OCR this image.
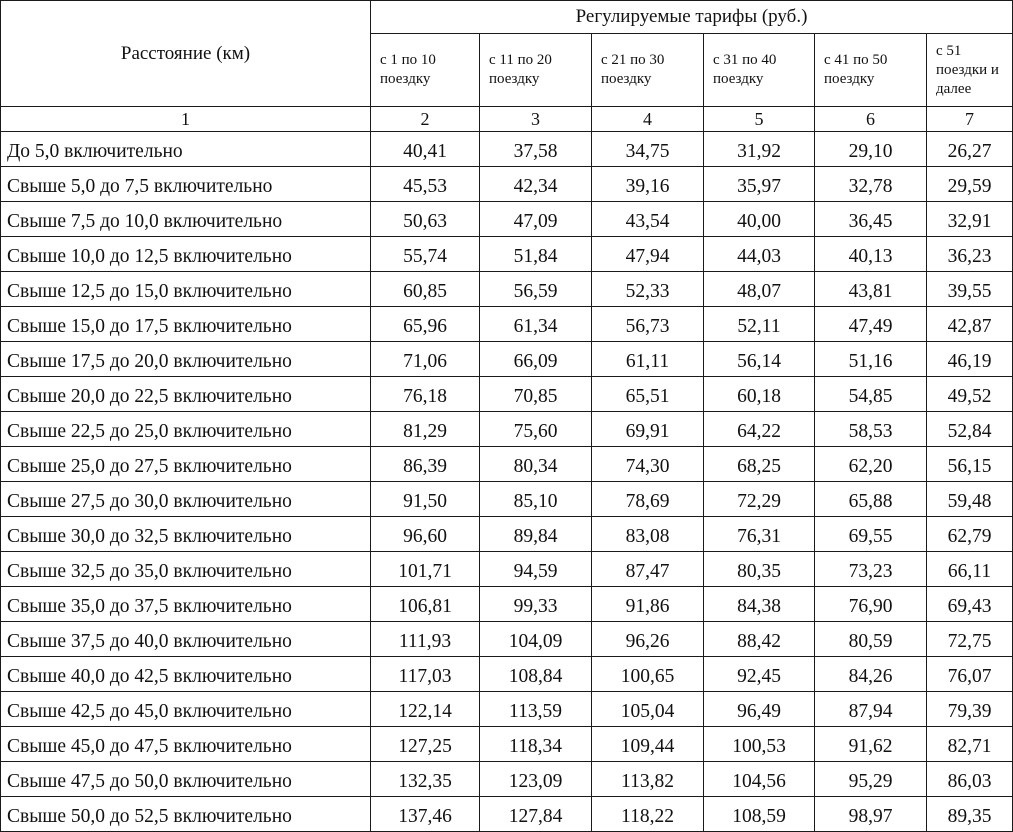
Расстояние (км)	Регулируемые тарифы (руб.)					
	с 1 по 10 поездку	с 11 по 20 поездку	с 21 по 30 поездку	с 31 по 40 поездку	с 41 по 50 поездку	с 51 поездки и далее
1	2	3	4	5	6	7
До 5,0 включительно	40,41	37,58	34,75	31,92	29,10	26,27
Свыше 5,0 до 7,5 включительно	45,53	42,34	39,16	35,97	32,78	29,59
Свыше 7,5 до 10,0 включительно	50,63	47,09	43,54	40,00	36,45	32,91
Свыше 10,0 до 12,5 включительно	55,74	51,84	47,94	44,03	40,13	36,23
Свыше 12,5 до 15,0 включительно	60,85	56,59	52,33	48,07	43,81	39,55
Свыше 15,0 до 17,5 включительно	65,96	61,34	56,73	52,11	47,49	42,87
Свыше 17,5 до 20,0 включительно	71,06	66,09	61,11	56,14	51,16	46,19
Свыше 20,0 до 22,5 включительно	76,18	70,85	65,51	60,18	54,85	49,52
Свыше 22,5 до 25,0 включительно	81,29	75,60	69,91	64,22	58,53	52,84
Свыше 25,0 до 27,5 включительно	86,39	80,34	74,30	68,25	62,20	56,15
Свыше 27,5 до 30,0 включительно	91,50	85,10	78,69	72,29	65,88	59,48
Свыше 30,0 до 32,5 включительно	96,60	89,84	83,08	76,31	69,55	62,79
Свыше 32,5 до 35,0 включительно	101,71	94,59	87,47	80,35	73,23	66,11
Свыше 35,0 до 37,5 включительно	106,81	99,33	91,86	84,38	76,90	69,43
Свыше 37,5 до 40,0 включительно	111,93	104,09	96,26	88,42	80,59	72,75
Свыше 40,0 до 42,5 включительно	117,03	108,84	100,65	92,45	84,26	76,07
Свыше 42,5 до 45,0 включительно	122,14	113,59	105,04	96,49	87,94	79,39
Свыше 45,0 до 47,5 включительно	127,25	118,34	109,44	100,53	91,62	82,71
Свыше 47,5 до 50,0 включительно	132,35	123,09	113,82	104,56	95,29	86,03
Свыше 50,0 до 52,5 включительно	137,46	127,84	118,22	108,59	98,97	89,35
